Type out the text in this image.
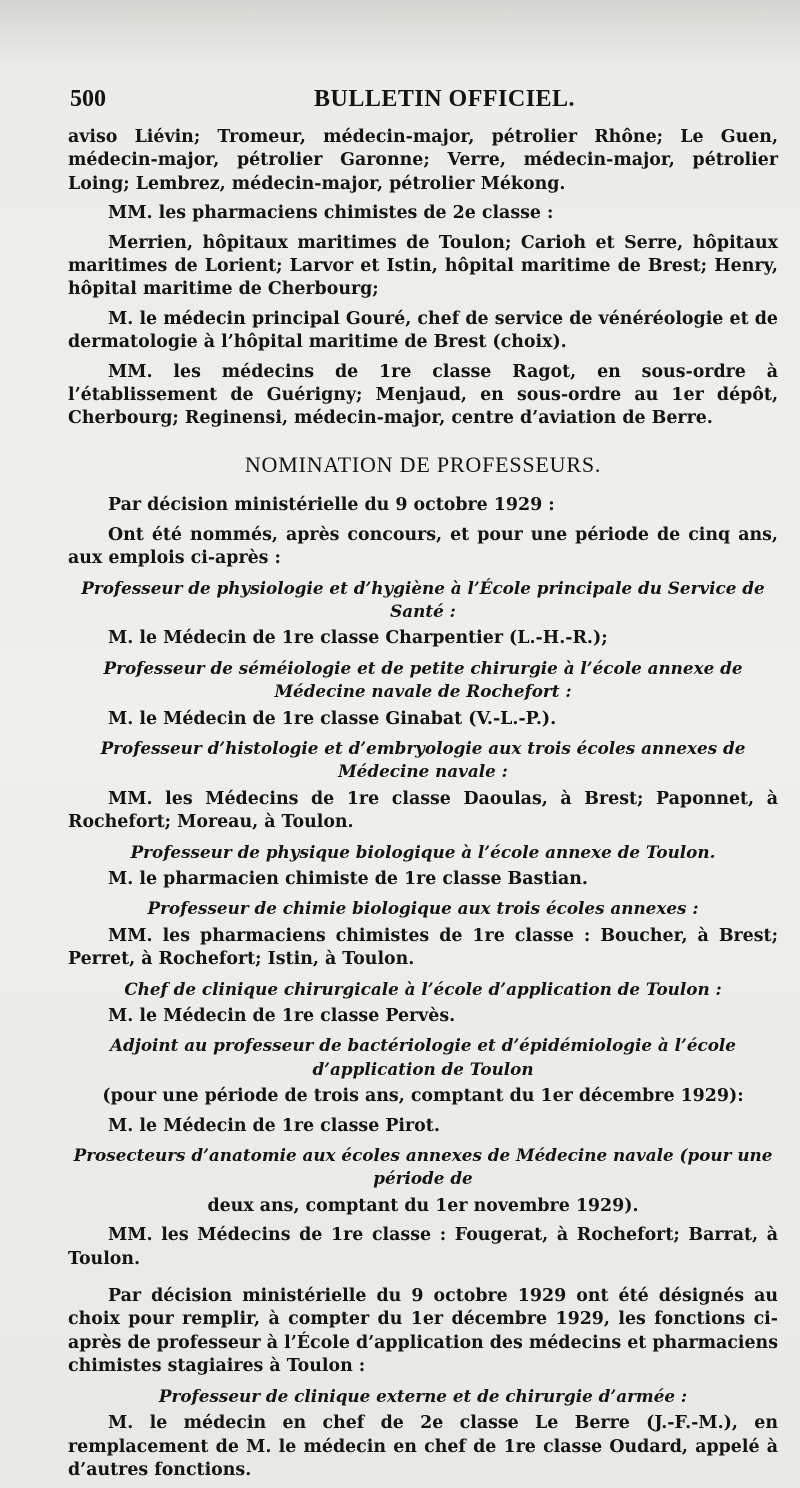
500	BULLETIN OFFICIEL.

aviso Liévin; Tromeur, médecin-major, pétrolier Rhône; Le Guen, médecin-major, pétrolier Garonne; Verre, médecin-major, pétrolier Loing; Lembrez, médecin-major, pétrolier Mékong.

MM. les pharmaciens chimistes de 2e classe :

Merrien, hôpitaux maritimes de Toulon; Carioh et Serre, hôpitaux maritimes de Lorient; Larvor et Istin, hôpital maritime de Brest; Henry, hôpital maritime de Cherbourg;

M. le médecin principal Gouré, chef de service de vénéréologie et de dermatologie à l’hôpital maritime de Brest (choix).

MM. les médecins de 1re classe Ragot, en sous-ordre à l’établissement de Guérigny; Menjaud, en sous-ordre au 1er dépôt, Cherbourg; Reginensi, médecin-major, centre d’aviation de Berre.

NOMINATION DE PROFESSEURS.

Par décision ministérielle du 9 octobre 1929 :

Ont été nommés, après concours, et pour une période de cinq ans, aux emplois ci-après :

Professeur de physiologie et d’hygiène à l’École principale du Service de Santé :

M. le Médecin de 1re classe Charpentier (L.-H.-R.);

Professeur de séméiologie et de petite chirurgie à l’école annexe de Médecine navale de Rochefort :

M. le Médecin de 1re classe Ginabat (V.-L.-P.).

Professeur d’histologie et d’embryologie aux trois écoles annexes de Médecine navale :

MM. les Médecins de 1re classe Daoulas, à Brest; Paponnet, à Rochefort; Moreau, à Toulon.

Professeur de physique biologique à l’école annexe de Toulon.

M. le pharmacien chimiste de 1re classe Bastian.

Professeur de chimie biologique aux trois écoles annexes :

MM. les pharmaciens chimistes de 1re classe : Boucher, à Brest; Perret, à Rochefort; Istin, à Toulon.

Chef de clinique chirurgicale à l’école d’application de Toulon :

M. le Médecin de 1re classe Pervès.

Adjoint au professeur de bactériologie et d’épidémiologie à l’école d’application de Toulon

(pour une période de trois ans, comptant du 1er décembre 1929):

M. le Médecin de 1re classe Pirot.

Prosecteurs d’anatomie aux écoles annexes de Médecine navale (pour une période de

deux ans, comptant du 1er novembre 1929).

MM. les Médecins de 1re classe : Fougerat, à Rochefort; Barrat, à Toulon.

Par décision ministérielle du 9 octobre 1929 ont été désignés au choix pour remplir, à compter du 1er décembre 1929, les fonctions ci-après de professeur à l’École d’application des médecins et pharmaciens chimistes stagiaires à Toulon :

Professeur de clinique externe et de chirurgie d’armée :

M. le médecin en chef de 2e classe Le Berre (J.-F.-M.), en remplacement de M. le médecin en chef de 1re classe Oudard, appelé à d’autres fonctions.
